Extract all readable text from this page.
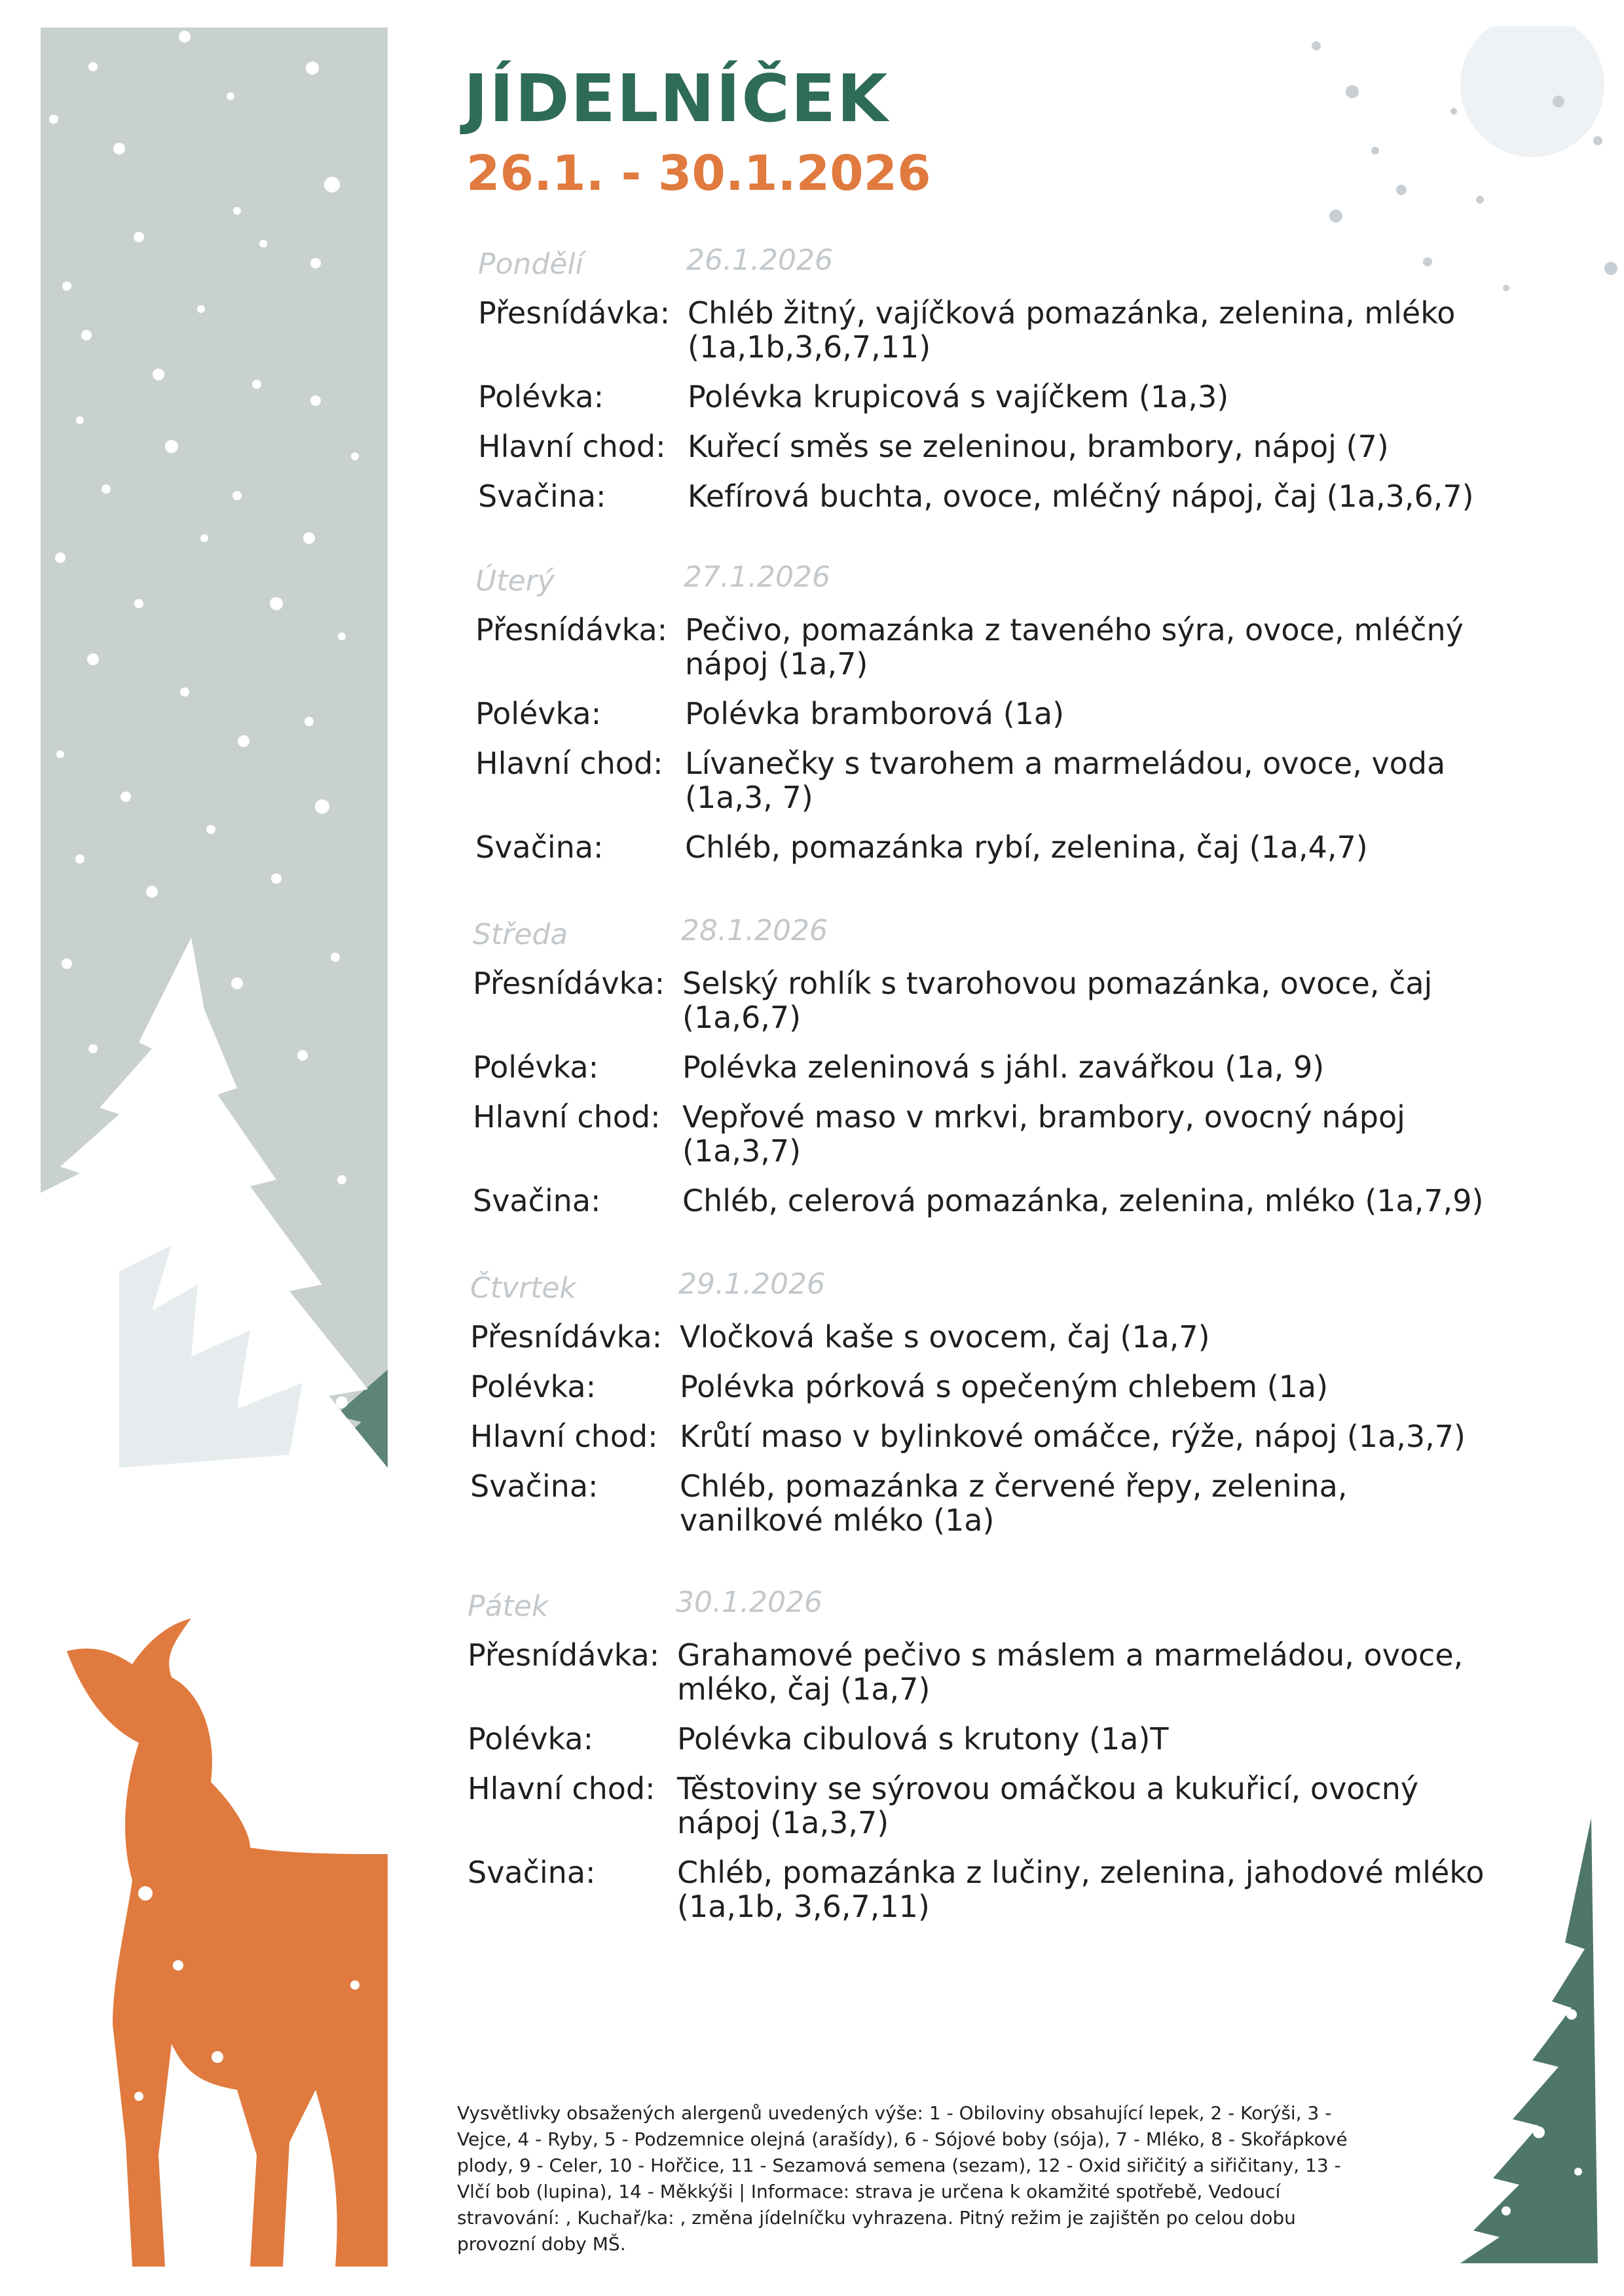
JÍDELNÍČEK
26.1. - 30.1.2026
Pondělí	26.1.2026
Přesnídávka: Chléb žitný, vajíčková pomazánka, zelenina, mléko (1a,1b,3,6,7,11)
Polévka:	Polévka krupicová s vajíčkem (1a,3)
Hlavní chod: Kuřecí směs se zeleninou, brambory, nápoj (7)
Svačina:	Kefírová buchta, ovoce, mléčný nápoj, čaj (1a,3,6,7)
Úterý	27.1.2026
Přesnídávka: Pečivo, pomazánka z taveného sýra, ovoce, mléčný nápoj (1a,7)
Polévka:	Polévka bramborová (1a)
Hlavní chod: Lívanečky s tvarohem a marmeládou, ovoce, voda (1a,3, 7)
Svačina:	Chléb, pomazánka rybí, zelenina, čaj (1a,4,7)
Středa	28.1.2026
Přesnídávka: Selský rohlík s tvarohovou pomazánka, ovoce, čaj (1a,6,7)
Polévka:	Polévka zeleninová s jáhl. zavářkou (1a, 9)
Hlavní chod: Vepřové maso v mrkvi, brambory, ovocný nápoj (1a,3,7)
Svačina:	Chléb, celerová pomazánka, zelenina, mléko (1a,7,9)
Čtvrtek	29.1.2026
Přesnídávka: Vločková kaše s ovocem, čaj (1a,7)
Polévka:	Polévka pórková s opečeným chlebem (1a)
Hlavní chod: Krůtí maso v bylinkové omáčce, rýže, nápoj (1a,3,7)
Svačina:	Chléb, pomazánka z červené řepy, zelenina, vanilkové mléko (1a)
Pátek	30.1.2026
Přesnídávka: Grahamové pečivo s máslem a marmeládou, ovoce, mléko, čaj (1a,7)
Polévka:	Polévka cibulová s krutony (1a)T
Hlavní chod: Těstoviny se sýrovou omáčkou a kukuřicí, ovocný nápoj (1a,3,7)
Svačina:	Chléb, pomazánka z lučiny, zelenina, jahodové mléko (1a,1b, 3,6,7,11)

Vysvětlivky obsažených alergenů uvedených výše: 1 - Obiloviny obsahující lepek, 2 - Korýši, 3 - Vejce, 4 - Ryby, 5 - Podzemnice olejná (arašídy), 6 - Sójové boby (sója), 7 - Mléko, 8 - Skořápkové plody, 9 - Celer, 10 - Hořčice, 11 - Sezamová semena (sezam), 12 - Oxid siřičitý a siřičitany, 13 - Vlčí bob (lupina), 14 - Měkkýši | Informace: strava je určena k okamžité spotřebě, Vedoucí stravování: , Kuchař/ka: , změna jídelníčku vyhrazena. Pitný režim je zajištěn po celou dobu provozní doby MŠ.
